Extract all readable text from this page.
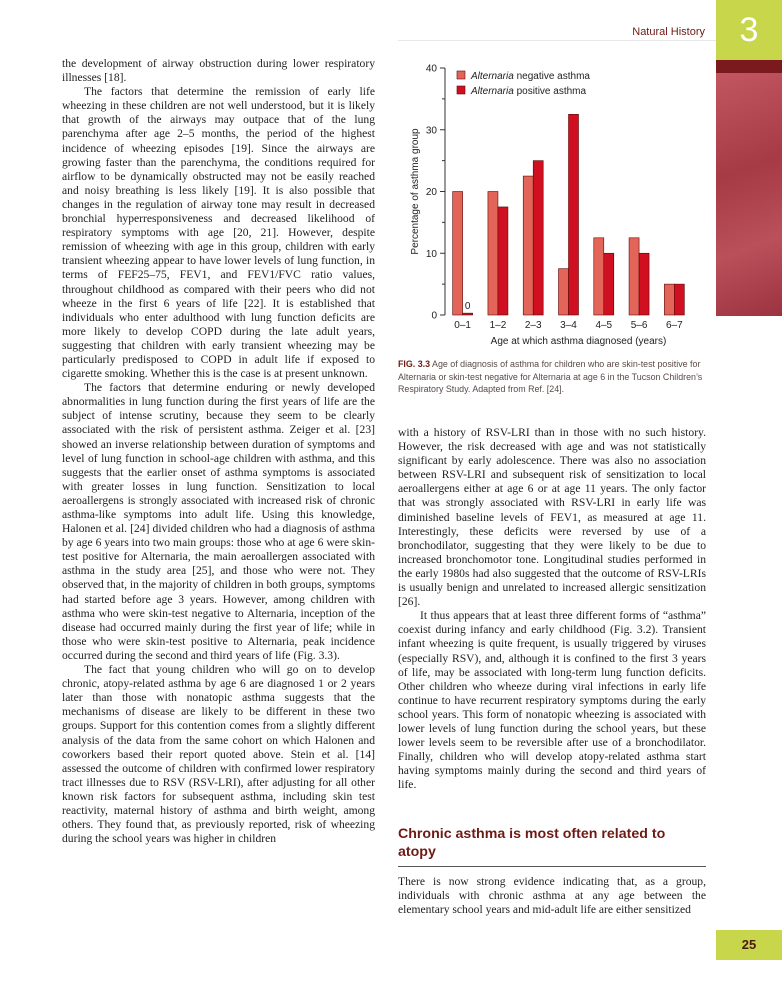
Natural History	3
25

the development of airway obstruction during lower respiratory illnesses [18].

The factors that determine the remission of early life wheezing in these children are not well understood, but it is likely that growth of the airways may outpace that of the lung parenchyma after age 2–5 months, the period of the highest incidence of wheezing episodes [19]. Since the airways are growing faster than the parenchyma, the conditions required for airflow to be dynamically obstructed may not be easily reached and noisy breathing is less likely [19]. It is also possible that changes in the regulation of airway tone may result in decreased bronchial hyperresponsiveness and decreased likelihood of respiratory symptoms with age [20, 21]. However, despite remission of wheezing with age in this group, children with early transient wheezing appear to have lower levels of lung function, in terms of FEF25–75, FEV1, and FEV1/FVC ratio values, throughout childhood as compared with their peers who did not wheeze in the first 6 years of life [22]. It is established that individuals who enter adulthood with lung function deficits are more likely to develop COPD during the late adult years, suggesting that children with early transient wheezing may be particularly predisposed to COPD in adult life if exposed to cigarette smoking. Whether this is the case is at present unknown.

The factors that determine enduring or newly developed abnormalities in lung function during the first years of life are the subject of intense scrutiny, because they seem to be clearly associated with the risk of persistent asthma. Zeiger et al. [23] showed an inverse relationship between duration of symptoms and level of lung function in school-age children with asthma, and this suggests that the earlier onset of asthma symptoms is associated with greater losses in lung function. Sensitization to local aeroallergens is strongly associated with increased risk of chronic asthma-like symptoms into adult life. Using this knowledge, Halonen et al. [24] divided children who had a diagnosis of asthma by age 6 years into two main groups: those who at age 6 were skin-test positive for Alternaria, the main aeroallergen associated with asthma in the study area [25], and those who were not. They observed that, in the majority of children in both groups, symptoms had started before age 3 years. However, among children with asthma who were skin-test negative to Alternaria, inception of the disease had occurred mainly during the first year of life; while in those who were skin-test positive to Alternaria, peak incidence occurred during the second and third years of life (Fig. 3.3).

The fact that young children who will go on to develop chronic, atopy-related asthma by age 6 are diagnosed 1 or 2 years later than those with nonatopic asthma suggests that the mechanisms of disease are likely to be different in these two groups. Support for this contention comes from a slightly different analysis of the data from the same cohort on which Halonen and coworkers based their report quoted above. Stein et al. [14] assessed the outcome of children with confirmed lower respiratory tract illnesses due to RSV (RSV-LRI), after adjusting for all other known risk factors for subsequent asthma, including skin test reactivity, maternal history of asthma and birth weight, among others. They found that, as previously reported, risk of wheezing during the school years was higher in children

0
10
20
30
40
Percentage of asthma group
0–1 1–2 2–3 3–4 4–5 5–6 6–7
0
Age at which asthma diagnosed (years)
Alternaria negative asthma
Alternaria positive asthma
FIG. 3.3 Age of diagnosis of asthma for children who are skin-test positive for Alternaria or skin-test negative for Alternaria at age 6 in the Tucson Children’s Respiratory Study. Adapted from Ref. [24].

with a history of RSV-LRI than in those with no such history. However, the risk decreased with age and was not statistically significant by early adolescence. There was also no association between RSV-LRI and subsequent risk of sensitization to local aeroallergens either at age 6 or at age 11 years. The only factor that was strongly associated with RSV-LRI in early life was diminished baseline levels of FEV1, as measured at age 11. Interestingly, these deficits were reversed by use of a bronchodilator, suggesting that they were likely to be due to increased bronchomotor tone. Longitudinal studies performed in the early 1980s had also suggested that the outcome of RSV-LRIs is usually benign and unrelated to increased allergic sensitization [26].

It thus appears that at least three different forms of “asthma” coexist during infancy and early childhood (Fig. 3.2). Transient infant wheezing is quite frequent, is usually triggered by viruses (especially RSV), and, although it is confined to the first 3 years of life, may be associated with long-term lung function deficits. Other children who wheeze during viral infections in early life continue to have recurrent respiratory symptoms during the early school years. This form of nonatopic wheezing is associated with lower levels of lung function during the school years, but these lower levels seem to be reversible after use of a bronchodilator. Finally, children who will develop atopy-related asthma start having symptoms mainly during the second and third years of life.

Chronic asthma is most often related to atopy

There is now strong evidence indicating that, as a group, individuals with chronic asthma at any age between the elementary school years and mid-adult life are either sensitized
